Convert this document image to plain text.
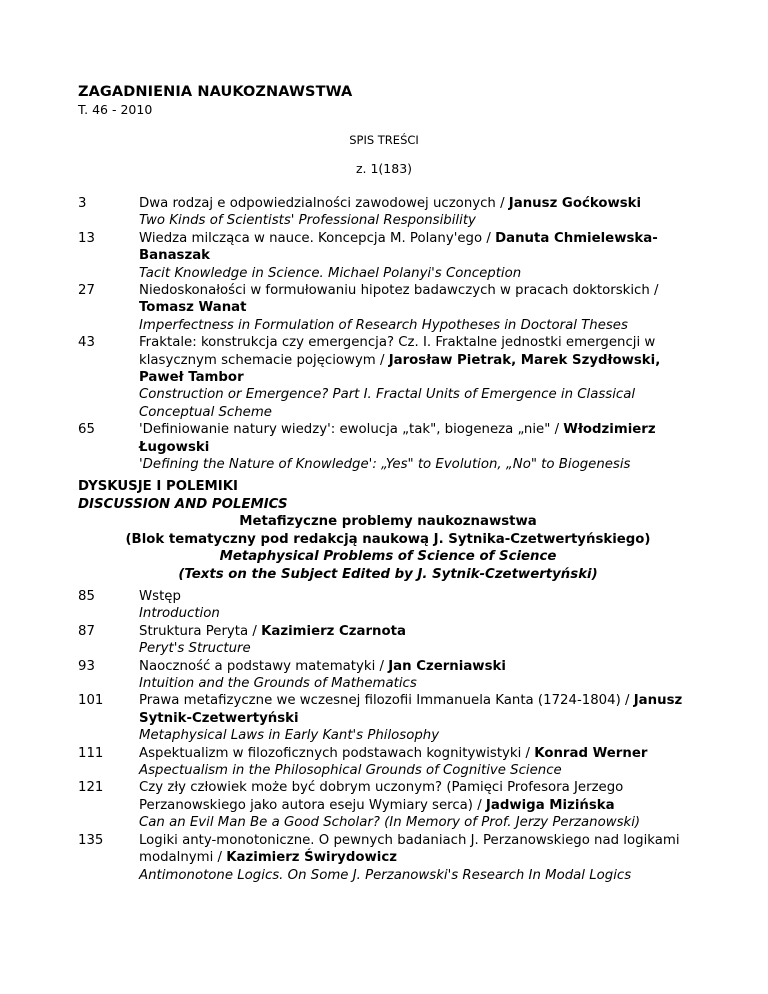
ZAGADNIENIA NAUKOZNAWSTWA
T. 46 - 2010
SPIS TREŚCI
z. 1(183)
3	Dwa rodzaj e odpowiedzialności zawodowej uczonych / Janusz Goćkowski
Two Kinds of Scientists' Professional Responsibility
13	Wiedza milcząca w nauce. Koncepcja M. Polany'ego / Danuta Chmielewska-Banaszak
Tacit Knowledge in Science. Michael Polanyi's Conception
27	Niedoskonałości w formułowaniu hipotez badawczych w pracach doktorskich / Tomasz Wanat
Imperfectness in Formulation of Research Hypotheses in Doctoral Theses
43	Fraktale: konstrukcja czy emergencja? Cz. I. Fraktalne jednostki emergencji w klasycznym schemacie pojęciowym / Jarosław Pietrak, Marek Szydłowski, Paweł Tambor
Construction or Emergence? Part I. Fractal Units of Emergence in Classical Conceptual Scheme
65	'Definiowanie natury wiedzy': ewolucja „tak", biogeneza „nie" / Włodzimierz Ługowski
'Defining the Nature of Knowledge': „Yes" to Evolution, „No" to Biogenesis
DYSKUSJE I POLEMIKI
DISCUSSION AND POLEMICS
Metafizyczne problemy naukoznawstwa
(Blok tematyczny pod redakcją naukową J. Sytnika-Czetwertyńskiego)
Metaphysical Problems of Science of Science
(Texts on the Subject Edited by J. Sytnik-Czetwertyński)
85	Wstęp
Introduction
87	Struktura Peryta / Kazimierz Czarnota
Peryt's Structure
93	Naoczność a podstawy matematyki / Jan Czerniawski
Intuition and the Grounds of Mathematics
101	Prawa metafizyczne we wczesnej filozofii Immanuela Kanta (1724-1804) / Janusz Sytnik-Czetwertyński
Metaphysical Laws in Early Kant's Philosophy
111	Aspektualizm w filozoficznych podstawach kognitywistyki / Konrad Werner
Aspectualism in the Philosophical Grounds of Cognitive Science
121	Czy zły człowiek może być dobrym uczonym? (Pamięci Profesora Jerzego Perzanowskiego jako autora eseju Wymiary serca) / Jadwiga Mizińska
Can an Evil Man Be a Good Scholar? (In Memory of Prof. Jerzy Perzanowski)
135	Logiki anty-monotoniczne. O pewnych badaniach J. Perzanowskiego nad logikami modalnymi / Kazimierz Świrydowicz
Antimonotone Logics. On Some J. Perzanowski's Research In Modal Logics
